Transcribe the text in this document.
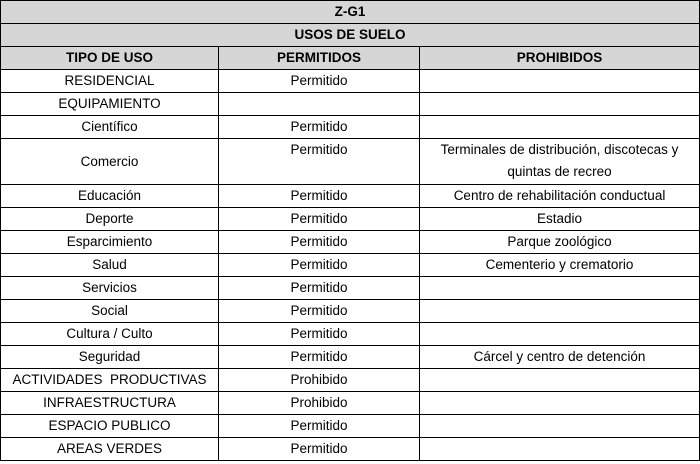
Z-G1		
USOS DE SUELO		
TIPO DE USO	PERMITIDOS	PROHIBIDOS
RESIDENCIAL	Permitido	
EQUIPAMIENTO		
Científico	Permitido	
Comercio	Permitido	Terminales de distribución, discotecas y quintas de recreo
Educación	Permitido	Centro de rehabilitación conductual
Deporte	Permitido	Estadio
Esparcimiento	Permitido	Parque zoológico
Salud	Permitido	Cementerio y crematorio
Servicios	Permitido	
Social	Permitido	
Cultura / Culto	Permitido	
Seguridad	Permitido	Cárcel y centro de detención
ACTIVIDADES  PRODUCTIVAS	Prohibido	
INFRAESTRUCTURA	Prohibido	
ESPACIO PUBLICO	Permitido	
AREAS VERDES	Permitido	
